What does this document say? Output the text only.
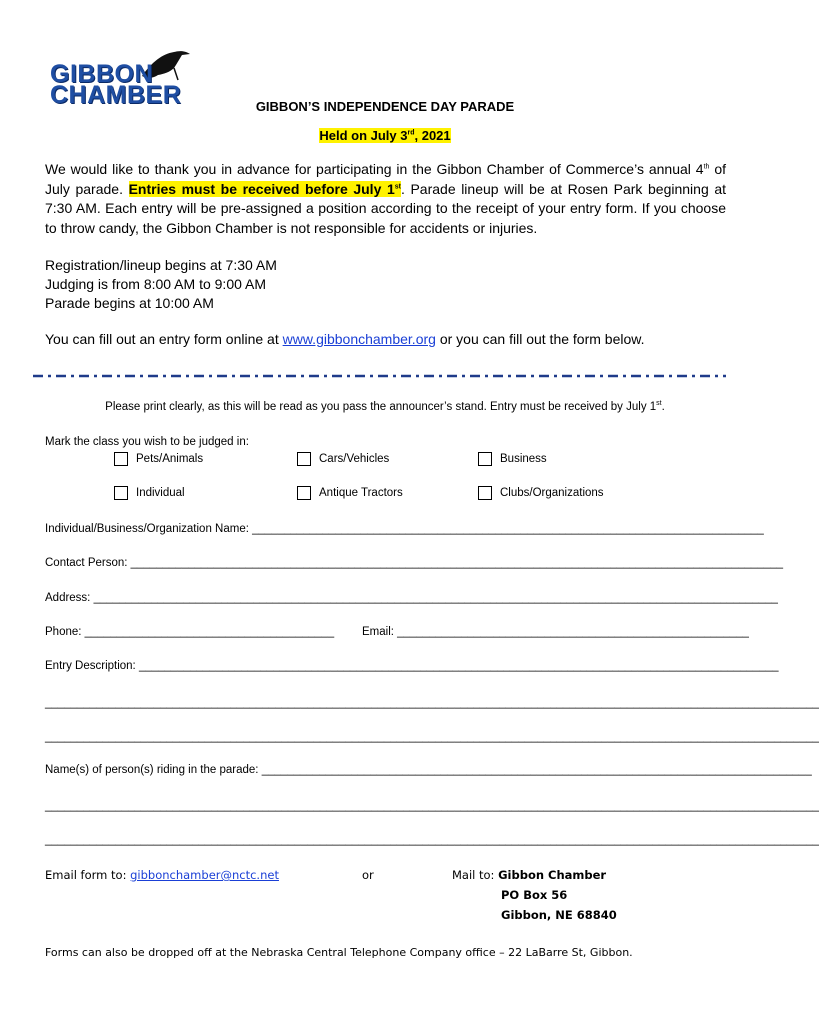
GIBBON
CHAMBER	GIBBON’S INDEPENDENCE DAY PARADE
Held on July 3rd, 2021
We would like to thank you in advance for participating in the Gibbon Chamber of Commerce’s annual 4th of July parade. Entries must be received before July 1st. Parade lineup will be at Rosen Park beginning at 7:30 AM. Each entry will be pre-assigned a position according to the receipt of your entry form. If you choose to throw candy, the Gibbon Chamber is not responsible for accidents or injuries.
Registration/lineup begins at 7:30 AM
Judging is from 8:00 AM to 9:00 AM
Parade begins at 10:00 AM
You can fill out an entry form online at www.gibbonchamber.org or you can fill out the form below.
Please print clearly, as this will be read as you pass the announcer’s stand. Entry must be received by July 1st.
Mark the class you wish to be judged in:
Pets/Animals	Cars/Vehicles	Business
Individual	Antique Tractors	Clubs/Organizations
Individual/Business/Organization Name: ________________________________________________________________________________
Contact Person: ______________________________________________________________________________________________________
Address: ___________________________________________________________________________________________________________
Phone: _______________________________________ Email: _______________________________________________________
Entry Description: ____________________________________________________________________________________________________
_________________________________________________________________________________________________________________________
_________________________________________________________________________________________________________________________
Name(s) of person(s) riding in the parade: ______________________________________________________________________________________
_________________________________________________________________________________________________________________________
_________________________________________________________________________________________________________________________
Email form to: gibbonchamber@nctc.net	or	Mail to: Gibbon Chamber
PO Box 56
Gibbon, NE 68840
Forms can also be dropped off at the Nebraska Central Telephone Company office – 22 LaBarre St, Gibbon.
